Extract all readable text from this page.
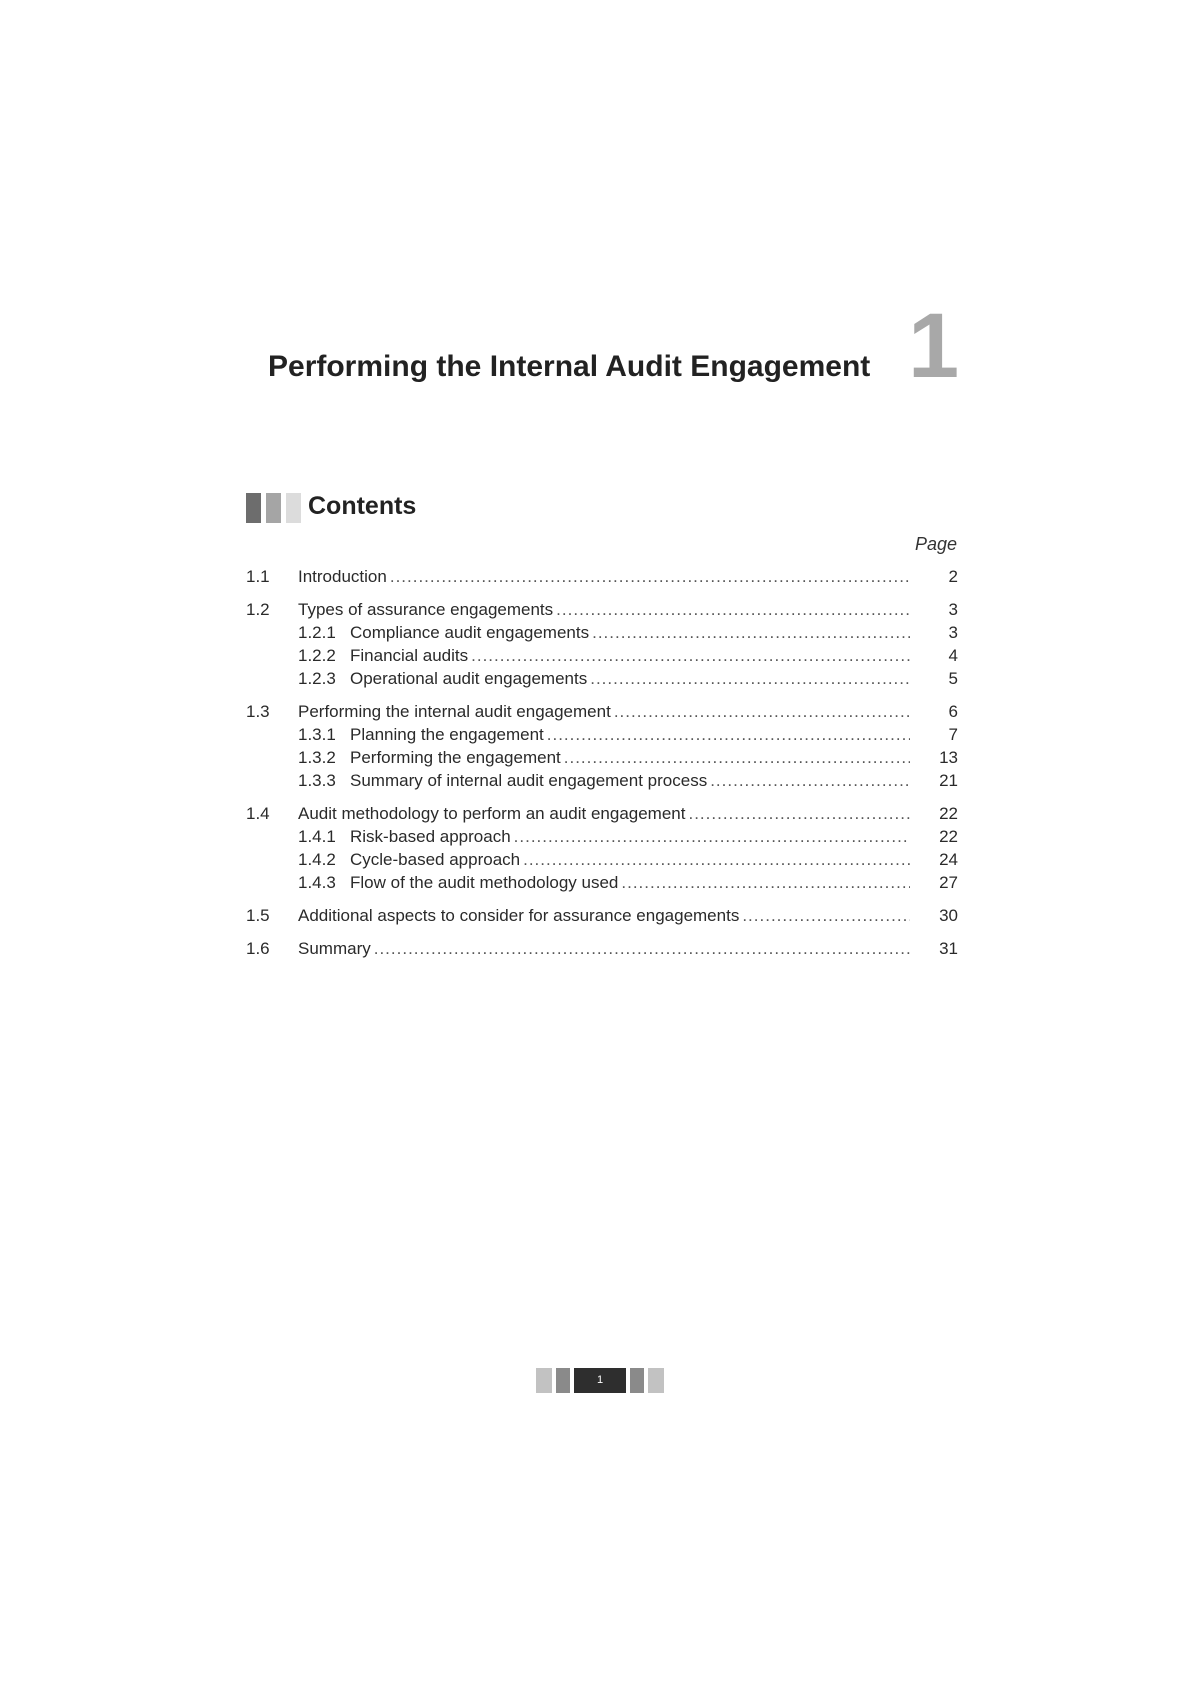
Performing the Internal Audit Engagement 1
Contents
Page
1.1	Introduction .....	2
1.2	Types of assurance engagements .....	3
1.2.1 Compliance audit engagements .....	3
1.2.2 Financial audits .....	4
1.2.3 Operational audit engagements .....	5
1.3	Performing the internal audit engagement .....	6
1.3.1 Planning the engagement .....	7
1.3.2 Performing the engagement .....	13
1.3.3 Summary of internal audit engagement process .....	21
1.4	Audit methodology to perform an audit engagement .....	22
1.4.1 Risk-based approach .....	22
1.4.2 Cycle-based approach .....	24
1.4.3 Flow of the audit methodology used .....	27
1.5	Additional aspects to consider for assurance engagements .....	30
1.6	Summary .....	31
1
